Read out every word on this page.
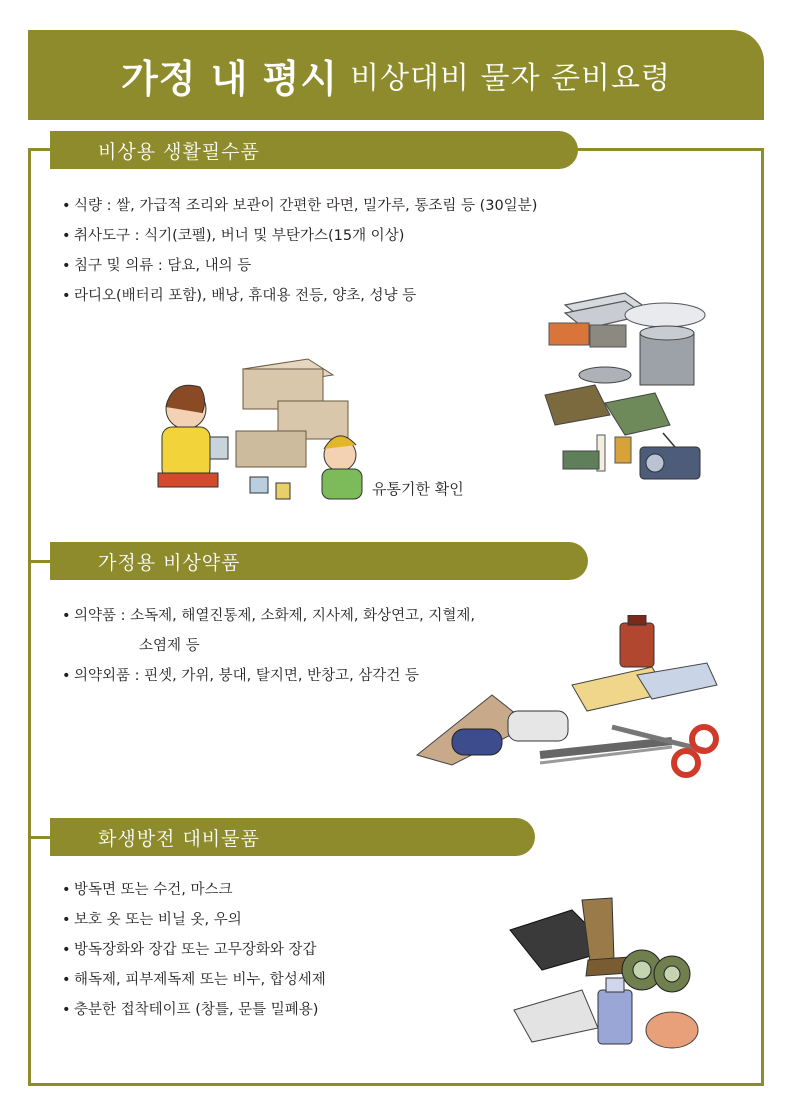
가정 내 평시 비상대비 물자 준비요령
비상용 생활필수품
• 식량 : 쌀, 가급적 조리와 보관이 간편한 라면, 밀가루, 통조림 등 (30일분)
• 취사도구 : 식기(코펠), 버너 및 부탄가스(15개 이상)
• 침구 및 의류 : 담요, 내의 등
• 라디오(배터리 포함), 배낭, 휴대용 전등, 양초, 성냥 등
유통기한 확인
가정용 비상약품
• 의약품 : 소독제, 해열진통제, 소화제, 지사제, 화상연고, 지혈제,
• 의약외품 : 핀셋, 가위, 붕대, 탈지면, 반창고, 삼각건 등
소염제 등
화생방전 대비물품
• 방독면 또는 수건, 마스크
• 보호 옷 또는 비닐 옷, 우의
• 방독장화와 장갑 또는 고무장화와 장갑
• 해독제, 피부제독제 또는 비누, 합성세제
• 충분한 접착테이프 (창틀, 문틀 밀폐용)
